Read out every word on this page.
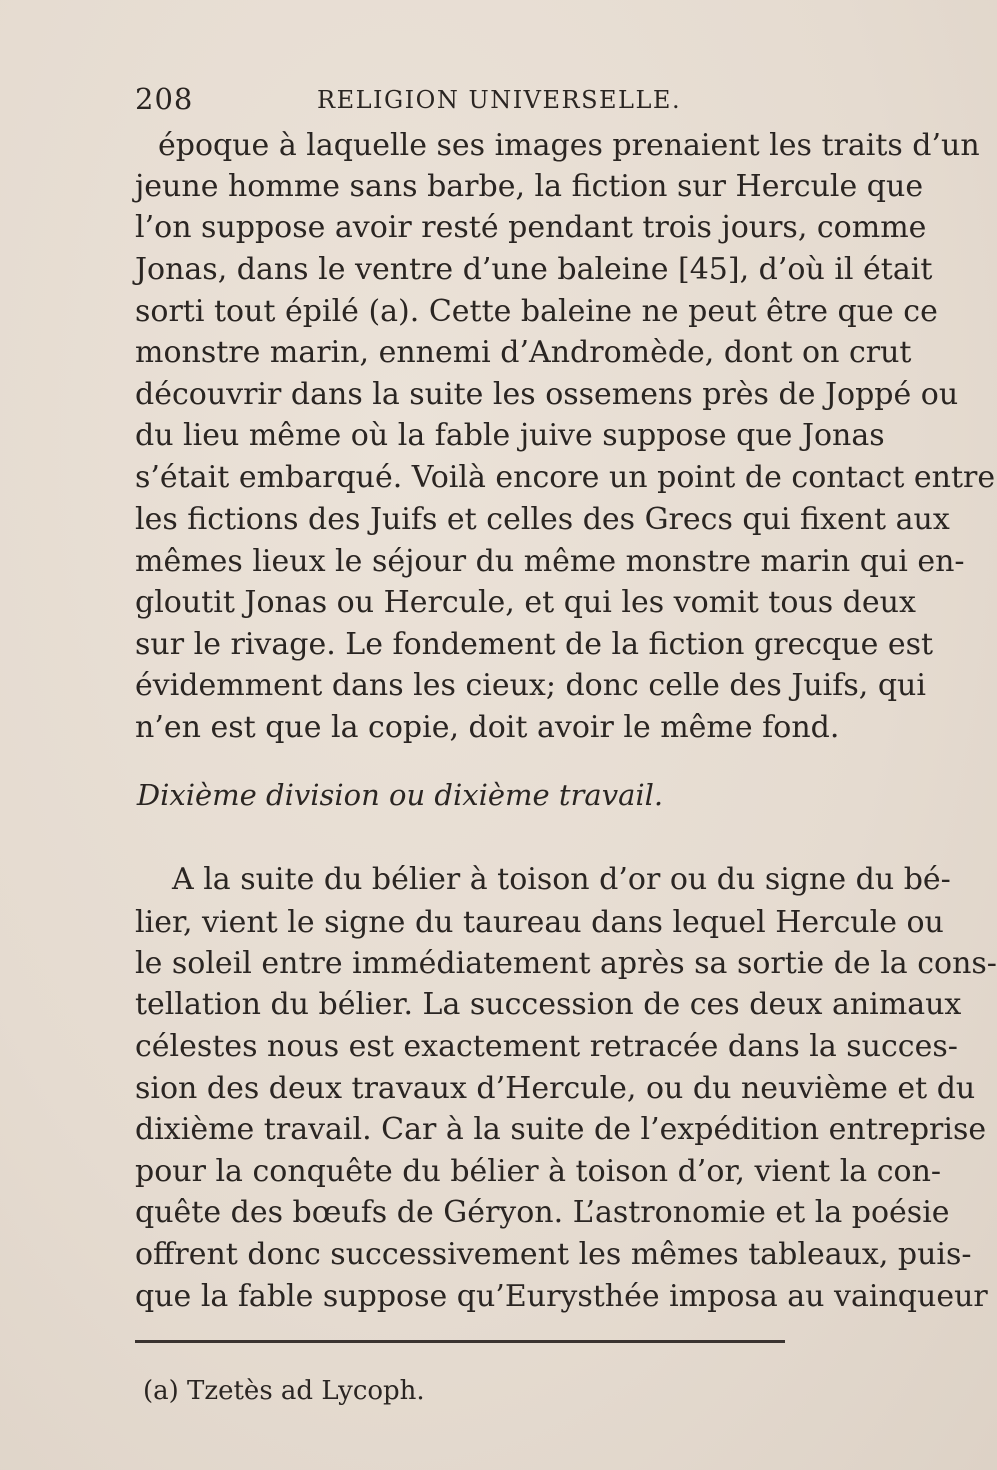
208	RELIGION UNIVERSELLE.
époque à laquelle ses images prenaient les traits d’un
jeune homme sans barbe, la fiction sur Hercule que
l’on suppose avoir resté pendant trois jours, comme
Jonas, dans le ventre d’une baleine [45], d’où il était
sorti tout épilé (a). Cette baleine ne peut être que ce
monstre marin, ennemi d’Andromède, dont on crut
découvrir dans la suite les ossemens près de Joppé ou
du lieu même où la fable juive suppose que Jonas
s’était embarqué. Voilà encore un point de contact entre
les fictions des Juifs et celles des Grecs qui fixent aux
mêmes lieux le séjour du même monstre marin qui en-
gloutit Jonas ou Hercule, et qui les vomit tous deux
sur le rivage. Le fondement de la fiction grecque est
évidemment dans les cieux; donc celle des Juifs, qui
n’en est que la copie, doit avoir le même fond.
Dixième division ou dixième travail.
A la suite du bélier à toison d’or ou du signe du bé-
lier, vient le signe du taureau dans lequel Hercule ou
le soleil entre immédiatement après sa sortie de la cons-
tellation du bélier. La succession de ces deux animaux
célestes nous est exactement retracée dans la succes-
sion des deux travaux d’Hercule, ou du neuvième et du
dixième travail. Car à la suite de l’expédition entreprise
pour la conquête du bélier à toison d’or, vient la con-
quête des bœufs de Géryon. L’astronomie et la poésie
offrent donc successivement les mêmes tableaux, puis-
que la fable suppose qu’Eurysthée imposa au vainqueur
(a) Tzetès ad Lycoph.
